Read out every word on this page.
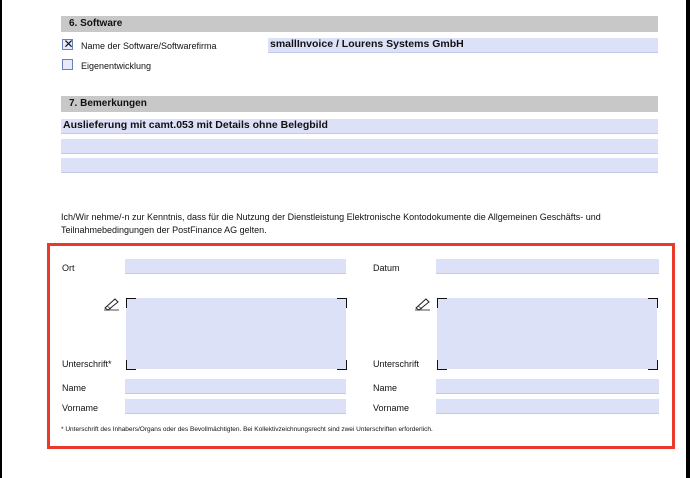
6. Software
✕ Name der Software/Softwarefirma	smallInvoice / Lourens Systems GmbH
Eigenentwicklung
7. Bemerkungen
Auslieferung mit camt.053 mit Details ohne Belegbild
Ich/Wir nehme/-n zur Kenntnis, dass für die Nutzung der Dienstleistung Elektronische Kontodokumente die Allgemeinen Geschäfts- und Teilnahmebedingungen der PostFinance AG gelten.
Ort
Unterschrift*
Name
Vorname
Datum
Unterschrift
Name
Vorname
* Unterschrift des Inhabers/Organs oder des Bevollmächtigten. Bei Kollektivzeichnungsrecht sind zwei Unterschriften erforderlich.
